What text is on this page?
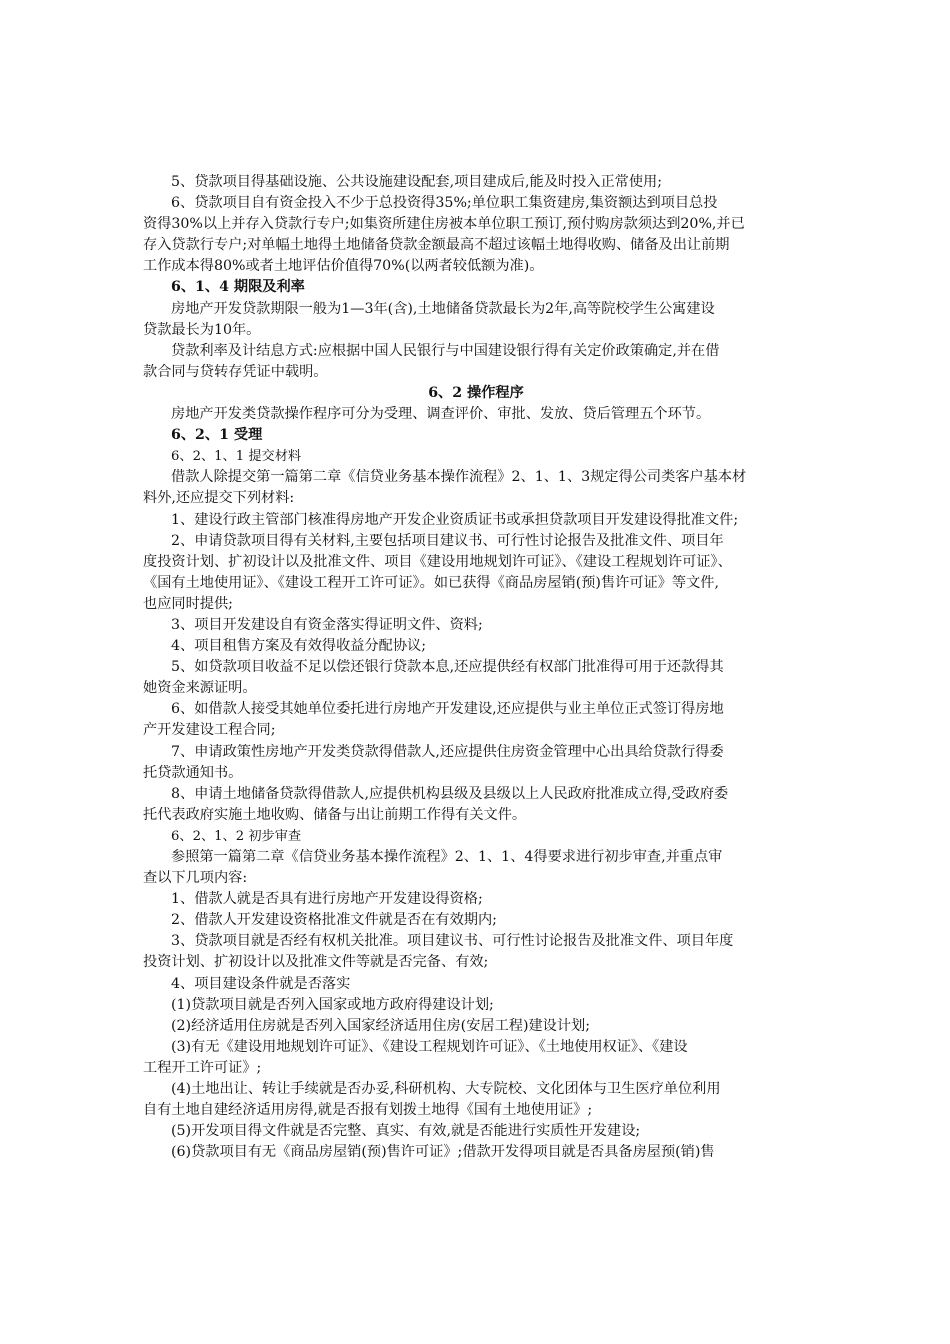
5、贷款项目得基础设施、公共设施建设配套,项目建成后,能及时投入正常使用;
6、贷款项目自有资金投入不少于总投资得35%;单位职工集资建房,集资额达到项目总投
资得30%以上并存入贷款行专户;如集资所建住房被本单位职工预订,预付购房款须达到20%,并已
存入贷款行专户;对单幅土地得土地储备贷款金额最高不超过该幅土地得收购、储备及出让前期
工作成本得80%或者土地评估价值得70%(以两者较低额为准)。
6、1、4 期限及利率
房地产开发贷款期限一般为1—3年(含),土地储备贷款最长为2年,高等院校学生公寓建设
贷款最长为10年。
贷款利率及计结息方式:应根据中国人民银行与中国建设银行得有关定价政策确定,并在借
款合同与贷转存凭证中载明。
6、2 操作程序
房地产开发类贷款操作程序可分为受理、调查评价、审批、发放、贷后管理五个环节。
6、2、1 受理
6、2、1、1 提交材料
借款人除提交第一篇第二章《信贷业务基本操作流程》2、1、1、3规定得公司类客户基本材
料外,还应提交下列材料:
1、建设行政主管部门核准得房地产开发企业资质证书或承担贷款项目开发建设得批准文件;
2、申请贷款项目得有关材料,主要包括项目建议书、可行性讨论报告及批准文件、项目年
度投资计划、扩初设计以及批准文件、项目《建设用地规划许可证》、《建设工程规划许可证》、
《国有土地使用证》、《建设工程开工许可证》。如已获得《商品房屋销(预)售许可证》等文件,
也应同时提供;
3、项目开发建设自有资金落实得证明文件、资料;
4、项目租售方案及有效得收益分配协议;
5、如贷款项目收益不足以偿还银行贷款本息,还应提供经有权部门批准得可用于还款得其
她资金来源证明。
6、如借款人接受其她单位委托进行房地产开发建设,还应提供与业主单位正式签订得房地
产开发建设工程合同;
7、申请政策性房地产开发类贷款得借款人,还应提供住房资金管理中心出具给贷款行得委
托贷款通知书。
8、申请土地储备贷款得借款人,应提供机构县级及县级以上人民政府批准成立得,受政府委
托代表政府实施土地收购、储备与出让前期工作得有关文件。
6、2、1、2 初步审查
参照第一篇第二章《信贷业务基本操作流程》2、1、1、4得要求进行初步审查,并重点审
查以下几项内容:
1、借款人就是否具有进行房地产开发建设得资格;
2、借款人开发建设资格批准文件就是否在有效期内;
3、贷款项目就是否经有权机关批准。项目建议书、可行性讨论报告及批准文件、项目年度
投资计划、扩初设计以及批准文件等就是否完备、有效;
4、项目建设条件就是否落实
(1)贷款项目就是否列入国家或地方政府得建设计划;
(2)经济适用住房就是否列入国家经济适用住房(安居工程)建设计划;
(3)有无《建设用地规划许可证》、《建设工程规划许可证》、《土地使用权证》、《建设
工程开工许可证》;
(4)土地出让、转让手续就是否办妥,科研机构、大专院校、文化团体与卫生医疗单位利用
自有土地自建经济适用房得,就是否报有划拨土地得《国有土地使用证》;
(5)开发项目得文件就是否完整、真实、有效,就是否能进行实质性开发建设;
(6)贷款项目有无《商品房屋销(预)售许可证》;借款开发得项目就是否具备房屋预(销)售
